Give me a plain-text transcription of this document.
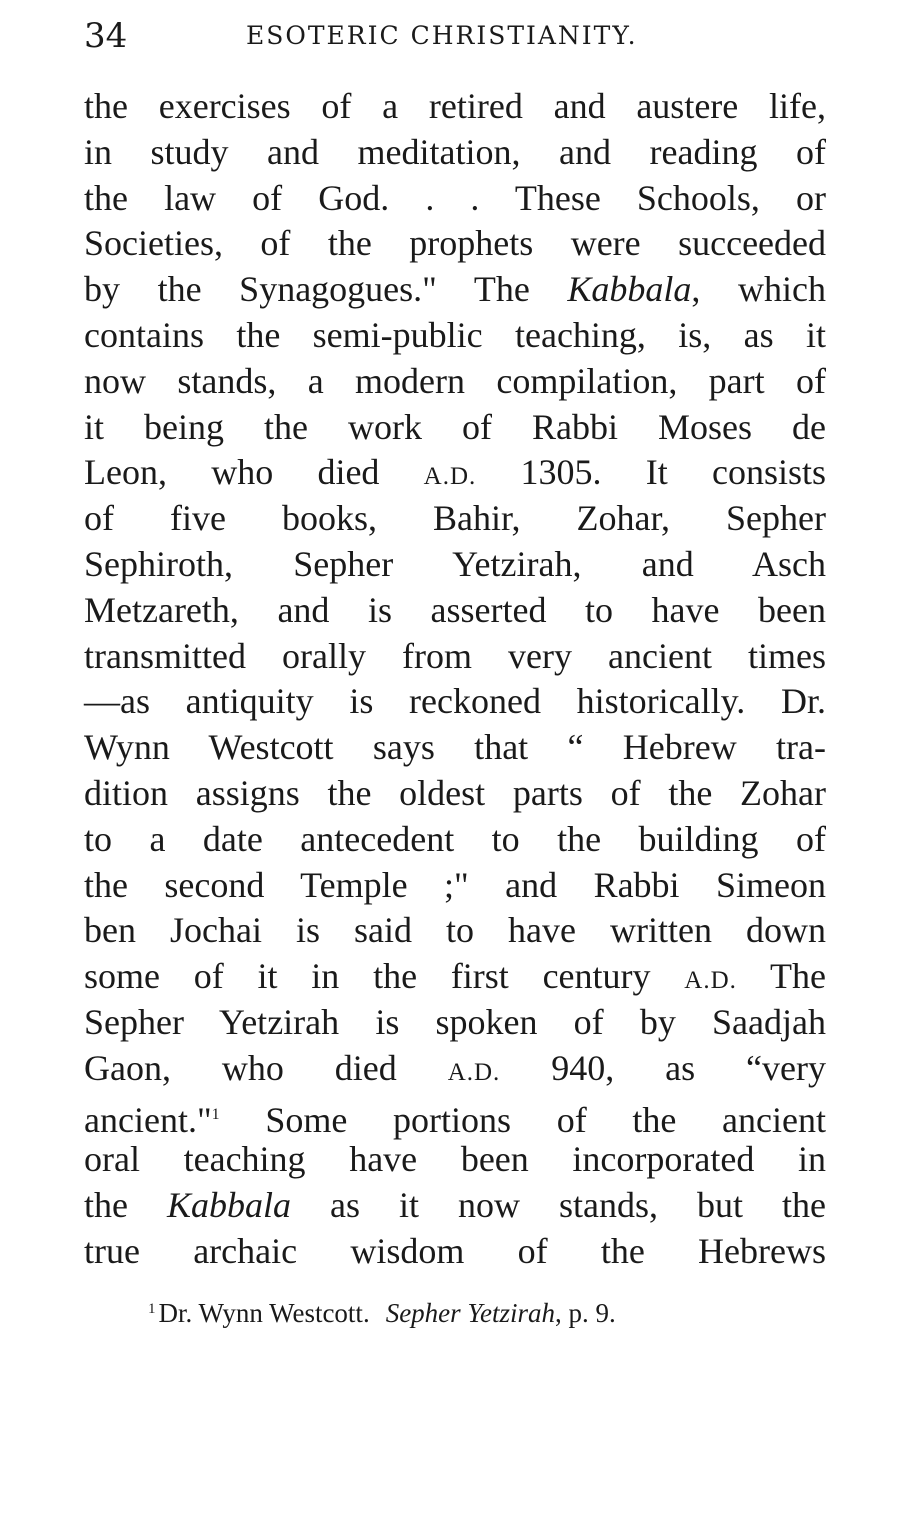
34	ESOTERIC CHRISTIANITY.
the exercises of a retired and austere life,
in study and meditation, and reading of
the law of God. . . These Schools, or
Societies, of the prophets were succeeded
by the Synagogues." The Kabbala, which
contains the semi-public teaching, is, as it
now stands, a modern compilation, part of
it being the work of Rabbi Moses de
Leon, who died A.D. 1305. It consists
of five books, Bahir, Zohar, Sepher
Sephiroth, Sepher Yetzirah, and Asch
Metzareth, and is asserted to have been
transmitted orally from very ancient times
—as antiquity is reckoned historically. Dr.
Wynn Westcott says that “ Hebrew tra-
dition assigns the oldest parts of the Zohar
to a date antecedent to the building of
the second Temple ;" and Rabbi Simeon
ben Jochai is said to have written down
some of it in the first century A.D. The
Sepher Yetzirah is spoken of by Saadjah
Gaon, who died A.D. 940, as “very
ancient."$^1$ Some portions of the ancient
oral teaching have been incorporated in
the Kabbala as it now stands, but the
true archaic wisdom of the Hebrews
$^1$ Dr. Wynn Westcott. Sepher Yetzirah, p. 9.
